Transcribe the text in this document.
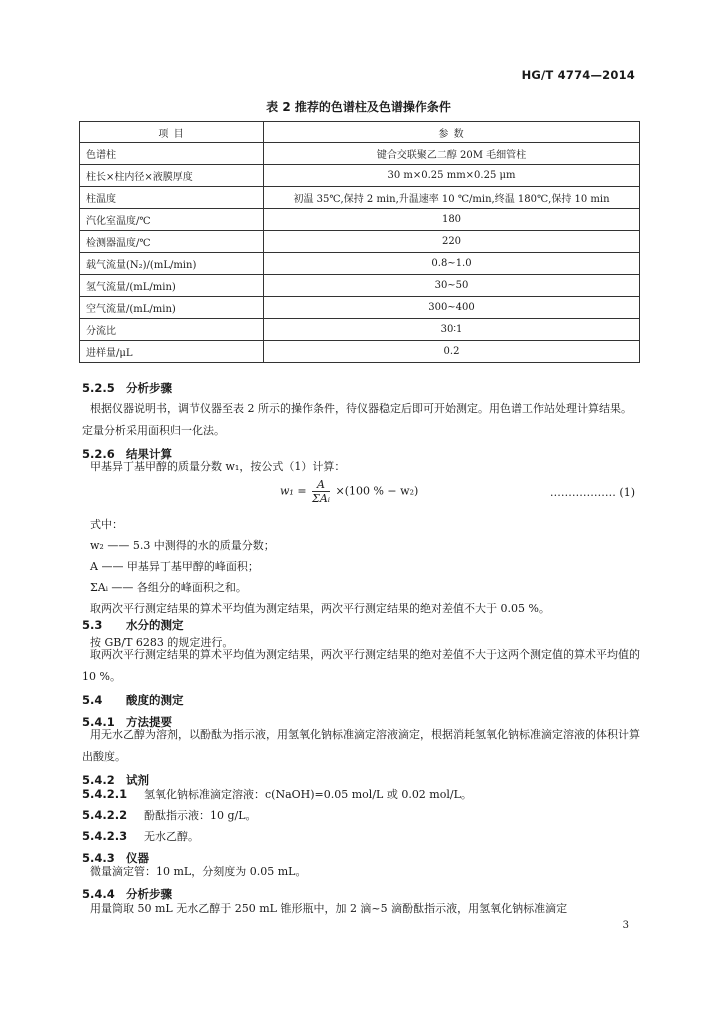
HG/T 4774—2014
表 2 推荐的色谱柱及色谱操作条件
项 目	参 数
色谱柱	键合交联聚乙二醇 20M 毛细管柱
柱长×柱内径×液膜厚度	30 m×0.25 mm×0.25 μm
柱温度	初温 35℃,保持 2 min,升温速率 10 ℃/min,终温 180℃,保持 10 min
汽化室温度/℃	180
检测器温度/℃	220
载气流量(N₂)/(mL/min)	0.8~1.0
氢气流量/(mL/min)	30~50
空气流量/(mL/min)	300~400
分流比	30∶1
进样量/μL	0.2
5.2.5 分析步骤
根据仪器说明书，调节仪器至表 2 所示的操作条件，待仪器稳定后即可开始测定。用色谱工作站处理计算结果。定量分析采用面积归一化法。
5.2.6 结果计算
甲基异丁基甲醇的质量分数 w₁，按公式（1）计算：
$w_1 = \frac{A}{\text{ΣAᵢ}} \times(100$ % − w₂)	……………… (1)
式中：
w₂ —— 5.3 中测得的水的质量分数；
A —— 甲基异丁基甲醇的峰面积；
ΣAᵢ —— 各组分的峰面积之和。
取两次平行测定结果的算术平均值为测定结果，两次平行测定结果的绝对差值不大于 0.05 %。
5.3 水分的测定
按 GB/T 6283 的规定进行。
取两次平行测定结果的算术平均值为测定结果，两次平行测定结果的绝对差值不大于这两个测定值的算术平均值的 10 %。
5.4 酸度的测定
5.4.1 方法提要
用无水乙醇为溶剂，以酚酞为指示液，用氢氧化钠标准滴定溶液滴定，根据消耗氢氧化钠标准滴定溶液的体积计算出酸度。
5.4.2 试剂
5.4.2.1 氢氧化钠标准滴定溶液：c(NaOH)=0.05 mol/L 或 0.02 mol/L。
5.4.2.2 酚酞指示液：10 g/L。
5.4.2.3 无水乙醇。
5.4.3 仪器
微量滴定管：10 mL，分刻度为 0.05 mL。
5.4.4 分析步骤
用量筒取 50 mL 无水乙醇于 250 mL 锥形瓶中，加 2 滴~5 滴酚酞指示液，用氢氧化钠标准滴定
3
